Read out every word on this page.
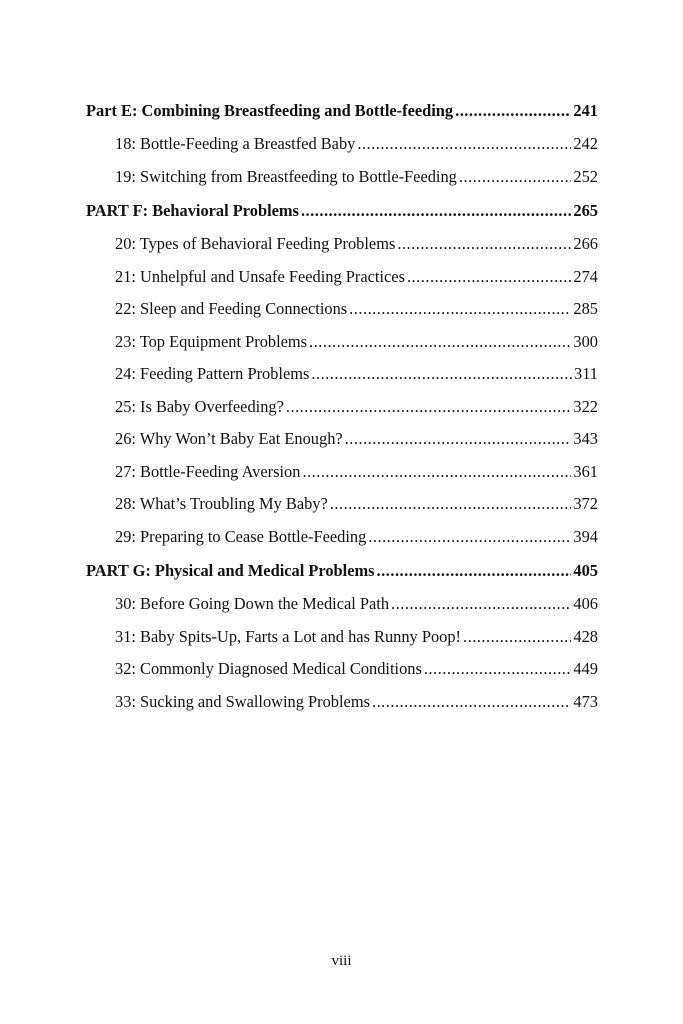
Part E: Combining Breastfeeding and Bottle-feeding .....	241
18: Bottle-Feeding a Breastfed Baby .....	242
19: Switching from Breastfeeding to Bottle-Feeding .....	252
PART F: Behavioral Problems .....	265
20: Types of Behavioral Feeding Problems .....	266
21: Unhelpful and Unsafe Feeding Practices .....	274
22: Sleep and Feeding Connections .....	285
23: Top Equipment Problems .....	300
24: Feeding Pattern Problems .....	311
25: Is Baby Overfeeding? .....	322
26: Why Won’t Baby Eat Enough? .....	343
27: Bottle-Feeding Aversion .....	361
28: What’s Troubling My Baby? .....	372
29: Preparing to Cease Bottle-Feeding .....	394
PART G: Physical and Medical Problems .....	405
30: Before Going Down the Medical Path .....	406
31: Baby Spits-Up, Farts a Lot and has Runny Poop! .....	428
32: Commonly Diagnosed Medical Conditions .....	449
33: Sucking and Swallowing Problems .....	473
viii
